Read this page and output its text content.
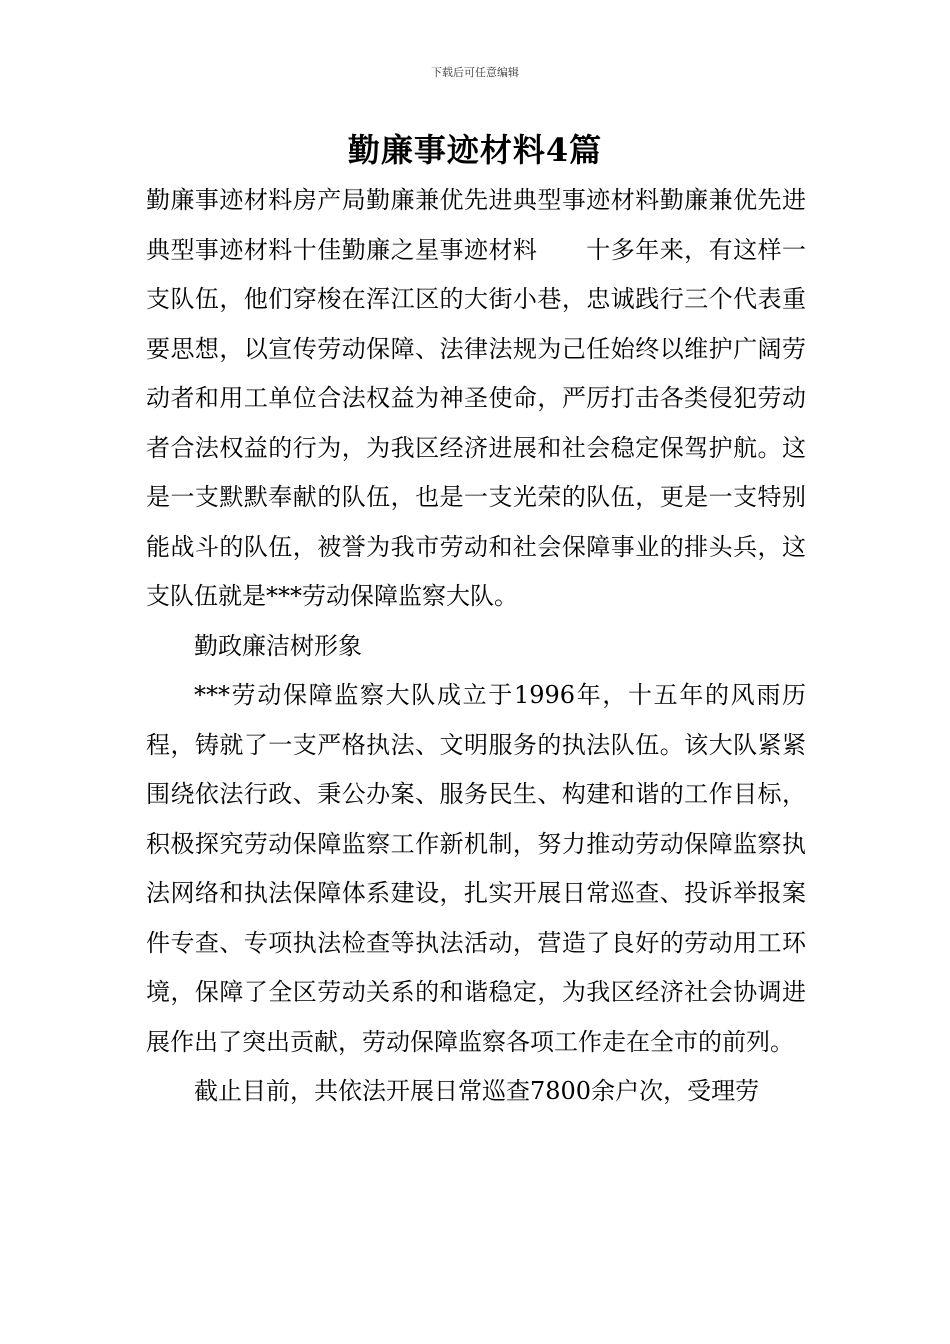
下载后可任意编辑
勤廉事迹材料4篇

勤廉事迹材料房产局勤廉兼优先进典型事迹材料勤廉兼优先进典型事迹材料十佳勤廉之星事迹材料　　十多年来，有这样一支队伍，他们穿梭在浑江区的大街小巷，忠诚践行三个代表重要思想，以宣传劳动保障、法律法规为己任始终以维护广阔劳动者和用工单位合法权益为神圣使命，严厉打击各类侵犯劳动者合法权益的行为，为我区经济进展和社会稳定保驾护航。这是一支默默奉献的队伍，也是一支光荣的队伍，更是一支特别能战斗的队伍，被誉为我市劳动和社会保障事业的排头兵，这支队伍就是***劳动保障监察大队。

勤政廉洁树形象

***劳动保障监察大队成立于1996年，十五年的风雨历程，铸就了一支严格执法、文明服务的执法队伍。该大队紧紧围绕依法行政、秉公办案、服务民生、构建和谐的工作目标，积极探究劳动保障监察工作新机制，努力推动劳动保障监察执法网络和执法保障体系建设，扎实开展日常巡查、投诉举报案件专查、专项执法检查等执法活动，营造了良好的劳动用工环境，保障了全区劳动关系的和谐稳定，为我区经济社会协调进展作出了突出贡献，劳动保障监察各项工作走在全市的前列。

截止目前，共依法开展日常巡查7800余户次，受理劳
